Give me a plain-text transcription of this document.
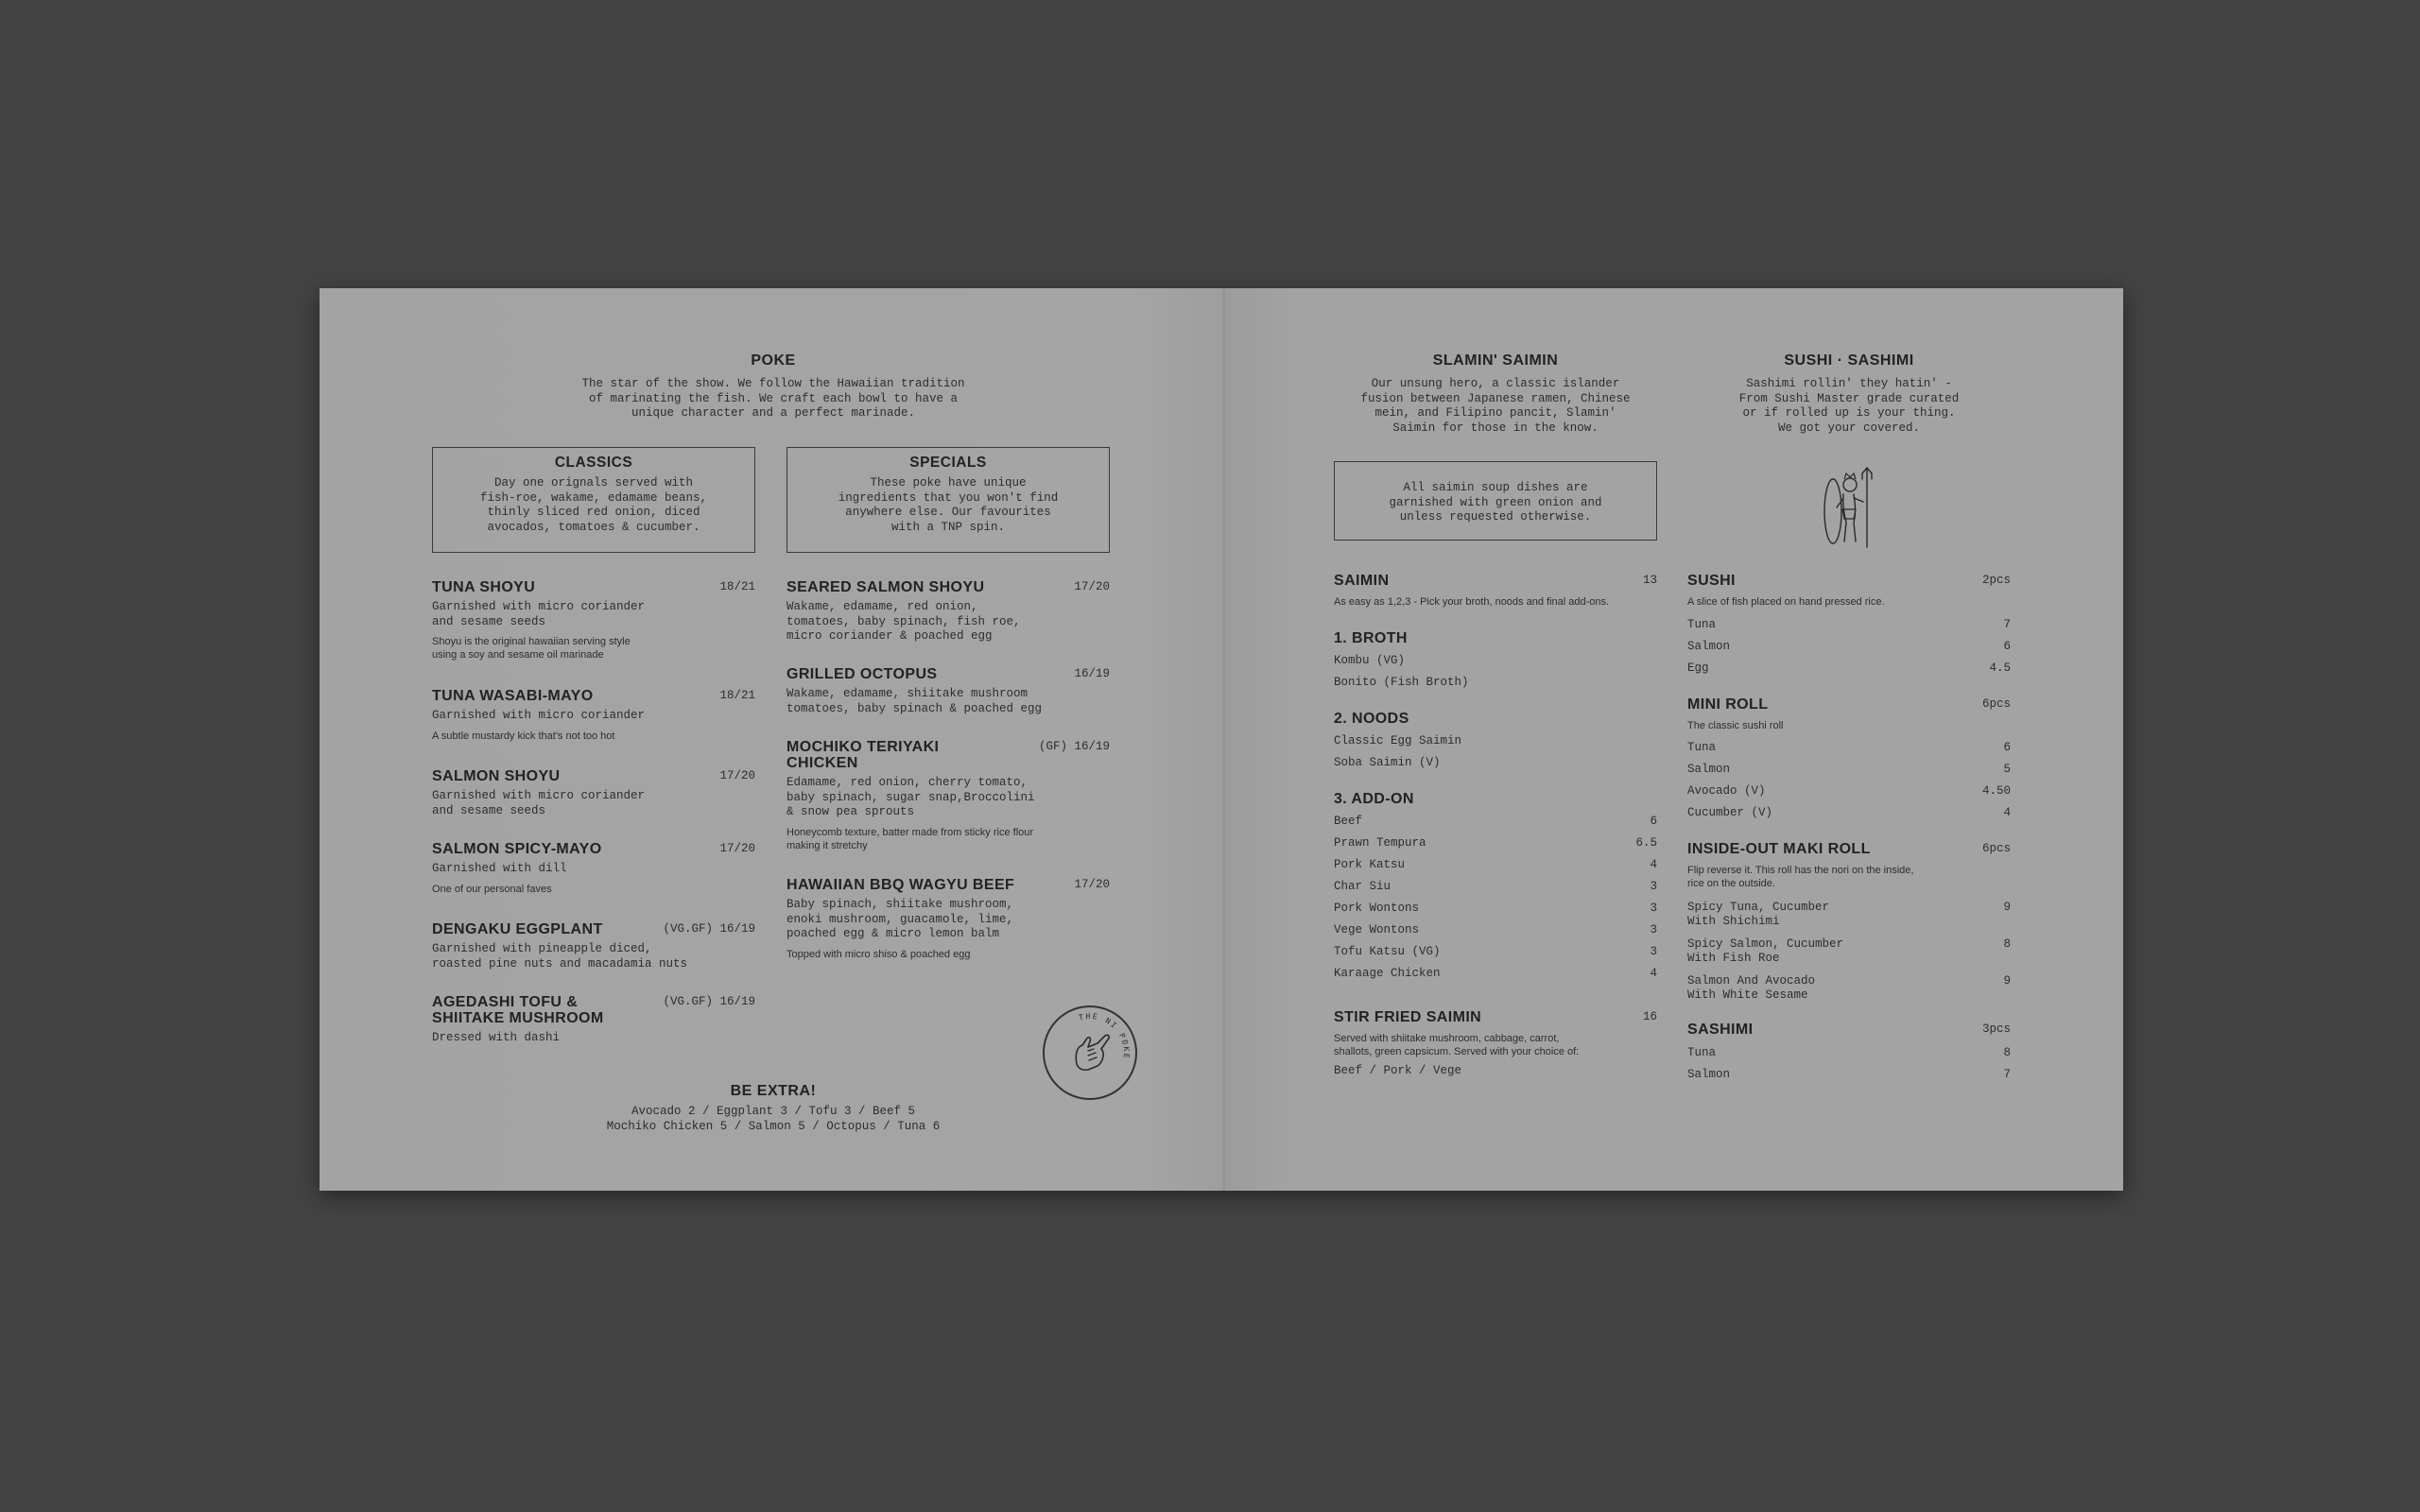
POKE
The star of the show. We follow the Hawaiian tradition
of marinating the fish. We craft each bowl to have a
unique character and a perfect marinade.
CLASSICS
Day one orignals served with
fish-roe, wakame, edamame beans,
thinly sliced red onion, diced
avocados, tomatoes & cucumber.
SPECIALS
These poke have unique
ingredients that you won't find
anywhere else. Our favourites
with a TNP spin.
TUNA SHOYU	18/21
Garnished with micro coriander
and sesame seeds
Shoyu is the original hawaiian serving style
using a soy and sesame oil marinade
TUNA WASABI-MAYO	18/21
Garnished with micro coriander
A subtle mustardy kick that's not too hot
SALMON SHOYU	17/20
Garnished with micro coriander
and sesame seeds
SALMON SPICY-MAYO	17/20
Garnished with dill
One of our personal faves
DENGAKU EGGPLANT	(VG.GF) 16/19
Garnished with pineapple diced,
roasted pine nuts and macadamia nuts
AGEDASHI TOFU &
SHIITAKE MUSHROOM
(VG.GF) 16/19
Dressed with dashi
SEARED SALMON SHOYU	17/20
Wakame, edamame, red onion,
tomatoes, baby spinach, fish roe,
micro coriander & poached egg
GRILLED OCTOPUS	16/19
Wakame, edamame, shiitake mushroom
tomatoes, baby spinach & poached egg
MOCHIKO TERIYAKI
CHICKEN
(GF) 16/19
Edamame, red onion, cherry tomato,
baby spinach, sugar snap,Broccolini
& snow pea sprouts
Honeycomb texture, batter made from sticky rice flour
making it stretchy
HAWAIIAN BBQ WAGYU BEEF	17/20
Baby spinach, shiitake mushroom,
enoki mushroom, guacamole, lime,
poached egg & micro lemon balm
Topped with micro shiso & poached egg
THE NI POKE
BE EXTRA!
Avocado 2 / Eggplant 3 / Tofu 3 / Beef 5
Mochiko Chicken 5 / Salmon 5 / Octopus / Tuna 6
SLAMIN' SAIMIN
Our unsung hero, a classic islander
fusion between Japanese ramen, Chinese
mein, and Filipino pancit, Slamin'
Saimin for those in the know.
All saimin soup dishes are
garnished with green onion and
unless requested otherwise.
SUSHI · SASHIMI
Sashimi rollin' they hatin' -
From Sushi Master grade curated
or if rolled up is your thing.
We got your covered.
SAIMIN	13
As easy as 1,2,3 - Pick your broth, noods and final add-ons.
1. BROTH
Kombu (VG)
Bonito (Fish Broth)
2. NOODS
Classic Egg Saimin
Soba Saimin (V)
3. ADD-ON
Beef	6
Prawn Tempura	6.5
Pork Katsu	4
Char Siu	3
Pork Wontons	3
Vege Wontons	3
Tofu Katsu (VG)	3
Karaage Chicken	4
STIR FRIED SAIMIN	16
Served with shiitake mushroom, cabbage, carrot,
shallots, green capsicum. Served with your choice of:
Beef / Pork / Vege
SUSHI	2pcs
A slice of fish placed on hand pressed rice.
Tuna	7
Salmon	6
Egg	4.5
MINI ROLL	6pcs
The classic sushi roll
Tuna	6
Salmon	5
Avocado (V)	4.50
Cucumber (V)	4
INSIDE-OUT MAKI ROLL	6pcs
Flip reverse it. This roll has the nori on the inside,
rice on the outside.
Spicy Tuna, Cucumber
With Shichimi
9
Spicy Salmon, Cucumber
With Fish Roe
8
Salmon And Avocado
With White Sesame
9
SASHIMI	3pcs
Tuna	8
Salmon	7
